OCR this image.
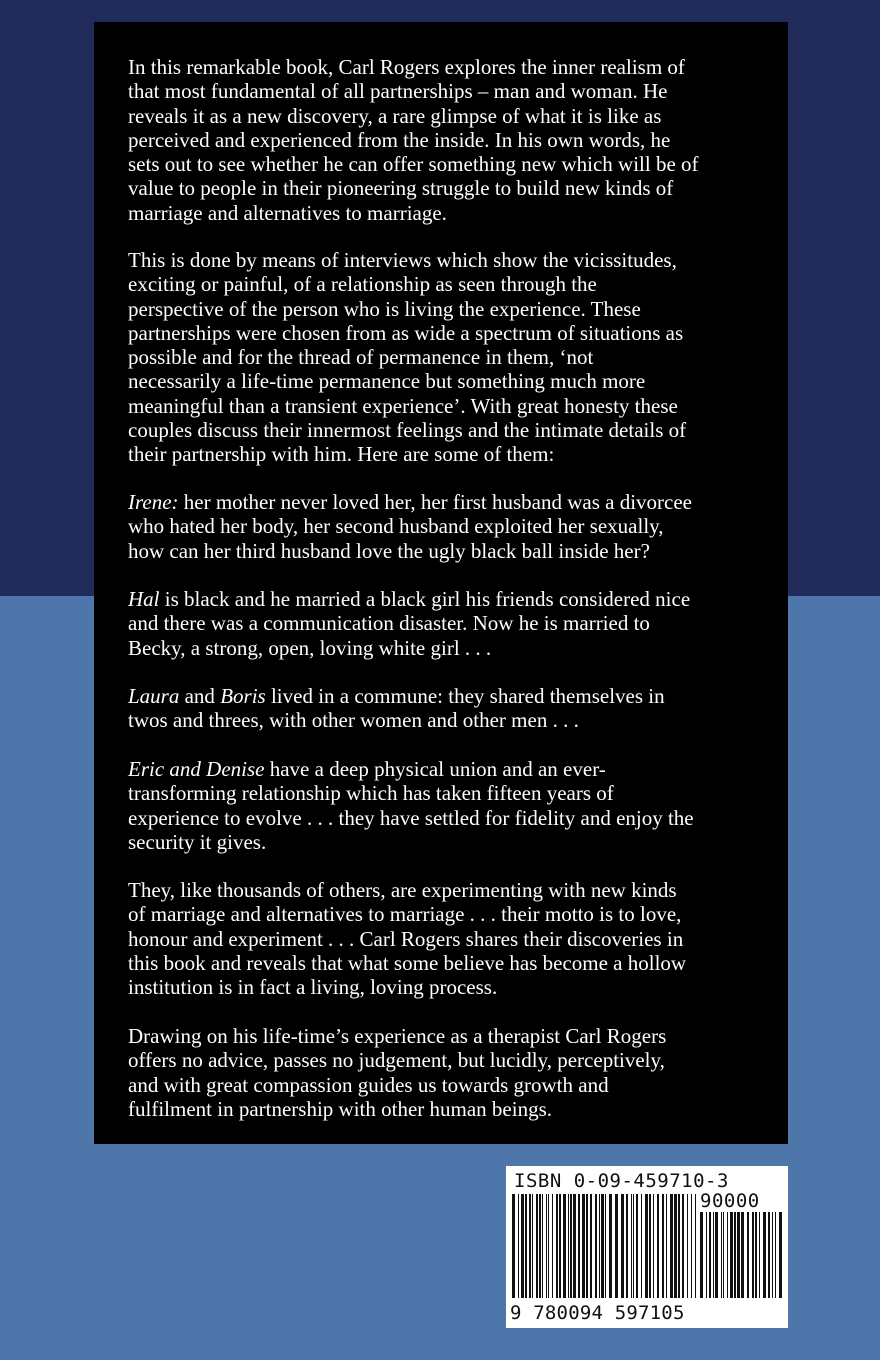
In this remarkable book, Carl Rogers explores the inner realism of
that most fundamental of all partnerships – man and woman. He
reveals it as a new discovery, a rare glimpse of what it is like as
perceived and experienced from the inside. In his own words, he
sets out to see whether he can offer something new which will be of
value to people in their pioneering struggle to build new kinds of
marriage and alternatives to marriage.

This is done by means of interviews which show the vicissitudes,
exciting or painful, of a relationship as seen through the
perspective of the person who is living the experience. These
partnerships were chosen from as wide a spectrum of situations as
possible and for the thread of permanence in them, ‘not
necessarily a life-time permanence but something much more
meaningful than a transient experience’. With great honesty these
couples discuss their innermost feelings and the intimate details of
their partnership with him. Here are some of them:

Irene: her mother never loved her, her first husband was a divorcee
who hated her body, her second husband exploited her sexually,
how can her third husband love the ugly black ball inside her?

Hal is black and he married a black girl his friends considered nice
and there was a communication disaster. Now he is married to
Becky, a strong, open, loving white girl . . .

Laura and Boris lived in a commune: they shared themselves in
twos and threes, with other women and other men . . .

Eric and Denise have a deep physical union and an ever-
transforming relationship which has taken fifteen years of
experience to evolve . . . they have settled for fidelity and enjoy the
security it gives.

They, like thousands of others, are experimenting with new kinds
of marriage and alternatives to marriage . . . their motto is to love,
honour and experiment . . . Carl Rogers shares their discoveries in
this book and reveals that what some believe has become a hollow
institution is in fact a living, loving process.

Drawing on his life-time’s experience as a therapist Carl Rogers
offers no advice, passes no judgement, but lucidly, perceptively,
and with great compassion guides us towards growth and
fulfilment in partnership with other human beings.

ISBN 0-09-459710-3

90000

9 780094 597105
